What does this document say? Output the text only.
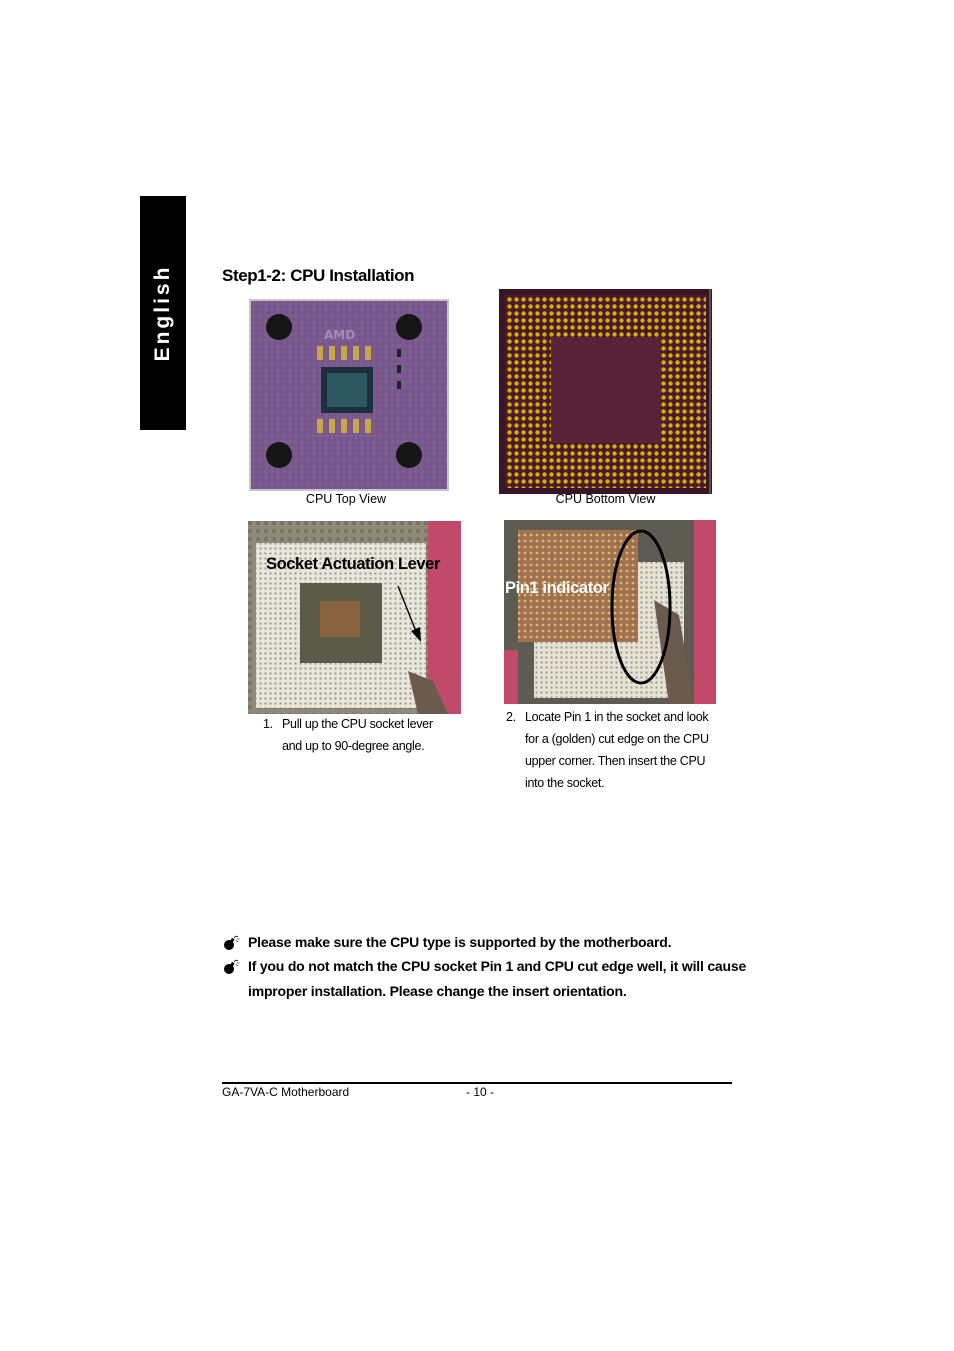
English	Step1-2: CPU Installation
AMD
CPU Top View	CPU Bottom View
Socket Actuation Lever
Pin1 indicator
1. Pull up the CPU socket lever
and up to 90-degree angle.
2. Locate Pin 1 in the socket and look
for a (golden) cut edge on the CPU
upper corner. Then insert the CPU
into the socket.
Please make sure the CPU type is supported by the motherboard.
If you do not match the CPU socket Pin 1 and CPU cut edge well, it will cause
improper installation. Please change the insert orientation.
GA-7VA-C Motherboard	- 10 -
